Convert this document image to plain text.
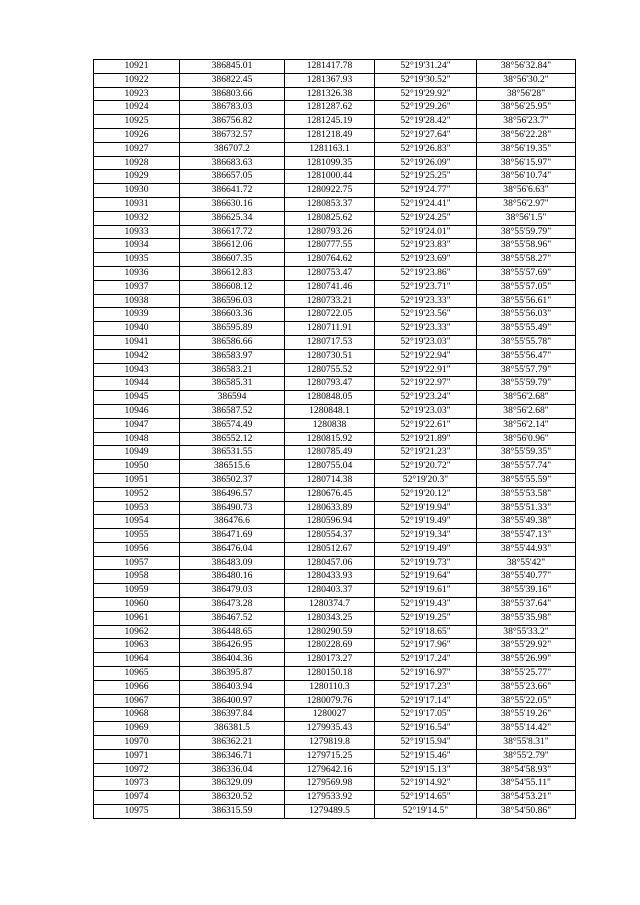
10921	386845.01	1281417.78	52°19'31.24"	38°56'32.84"
10922	386822.45	1281367.93	52°19'30.52"	38°56'30.2"
10923	386803.66	1281326.38	52°19'29.92"	38°56'28"
10924	386783.03	1281287.62	52°19'29.26"	38°56'25.95"
10925	386756.82	1281245.19	52°19'28.42"	38°56'23.7"
10926	386732.57	1281218.49	52°19'27.64"	38°56'22.28"
10927	386707.2	1281163.1	52°19'26.83"	38°56'19.35"
10928	386683.63	1281099.35	52°19'26.09"	38°56'15.97"
10929	386657.05	1281000.44	52°19'25.25"	38°56'10.74"
10930	386641.72	1280922.75	52°19'24.77"	38°56'6.63"
10931	386630.16	1280853.37	52°19'24.41"	38°56'2.97"
10932	386625.34	1280825.62	52°19'24.25"	38°56'1.5"
10933	386617.72	1280793.26	52°19'24.01"	38°55'59.79"
10934	386612.06	1280777.55	52°19'23.83"	38°55'58.96"
10935	386607.35	1280764.62	52°19'23.69"	38°55'58.27"
10936	386612.83	1280753.47	52°19'23.86"	38°55'57.69"
10937	386608.12	1280741.46	52°19'23.71"	38°55'57.05"
10938	386596.03	1280733.21	52°19'23.33"	38°55'56.61"
10939	386603.36	1280722.05	52°19'23.56"	38°55'56.03"
10940	386595.89	1280711.91	52°19'23.33"	38°55'55.49"
10941	386586.66	1280717.53	52°19'23.03"	38°55'55.78"
10942	386583.97	1280730.51	52°19'22.94"	38°55'56.47"
10943	386583.21	1280755.52	52°19'22.91"	38°55'57.79"
10944	386585.31	1280793.47	52°19'22.97"	38°55'59.79"
10945	386594	1280848.05	52°19'23.24"	38°56'2.68"
10946	386587.52	1280848.1	52°19'23.03"	38°56'2.68"
10947	386574.49	1280838	52°19'22.61"	38°56'2.14"
10948	386552.12	1280815.92	52°19'21.89"	38°56'0.96"
10949	386531.55	1280785.49	52°19'21.23"	38°55'59.35"
10950	386515.6	1280755.04	52°19'20.72"	38°55'57.74"
10951	386502.37	1280714.38	52°19'20.3"	38°55'55.59"
10952	386496.57	1280676.45	52°19'20.12"	38°55'53.58"
10953	386490.73	1280633.89	52°19'19.94"	38°55'51.33"
10954	386476.6	1280596.94	52°19'19.49"	38°55'49.38"
10955	386471.69	1280554.37	52°19'19.34"	38°55'47.13"
10956	386476.04	1280512.67	52°19'19.49"	38°55'44.93"
10957	386483.09	1280457.06	52°19'19.73"	38°55'42"
10958	386480.16	1280433.93	52°19'19.64"	38°55'40.77"
10959	386479.03	1280403.37	52°19'19.61"	38°55'39.16"
10960	386473.28	1280374.7	52°19'19.43"	38°55'37.64"
10961	386467.52	1280343.25	52°19'19.25"	38°55'35.98"
10962	386448.65	1280290.59	52°19'18.65"	38°55'33.2"
10963	386426.95	1280228.69	52°19'17.96"	38°55'29.92"
10964	386404.36	1280173.27	52°19'17.24"	38°55'26.99"
10965	386395.87	1280150.18	52°19'16.97"	38°55'25.77"
10966	386403.94	1280110.3	52°19'17.23"	38°55'23.66"
10967	386400.97	1280079.76	52°19'17.14"	38°55'22.05"
10968	386397.84	1280027	52°19'17.05"	38°55'19.26"
10969	386381.5	1279935.43	52°19'16.54"	38°55'14.42"
10970	386362.21	1279819.8	52°19'15.94"	38°55'8.31"
10971	386346.71	1279715.25	52°19'15.46"	38°55'2.79"
10972	386336.04	1279642.16	52°19'15.13"	38°54'58.93"
10973	386329.09	1279569.98	52°19'14.92"	38°54'55.11"
10974	386320.52	1279533.92	52°19'14.65"	38°54'53.21"
10975	386315.59	1279489.5	52°19'14.5"	38°54'50.86"
